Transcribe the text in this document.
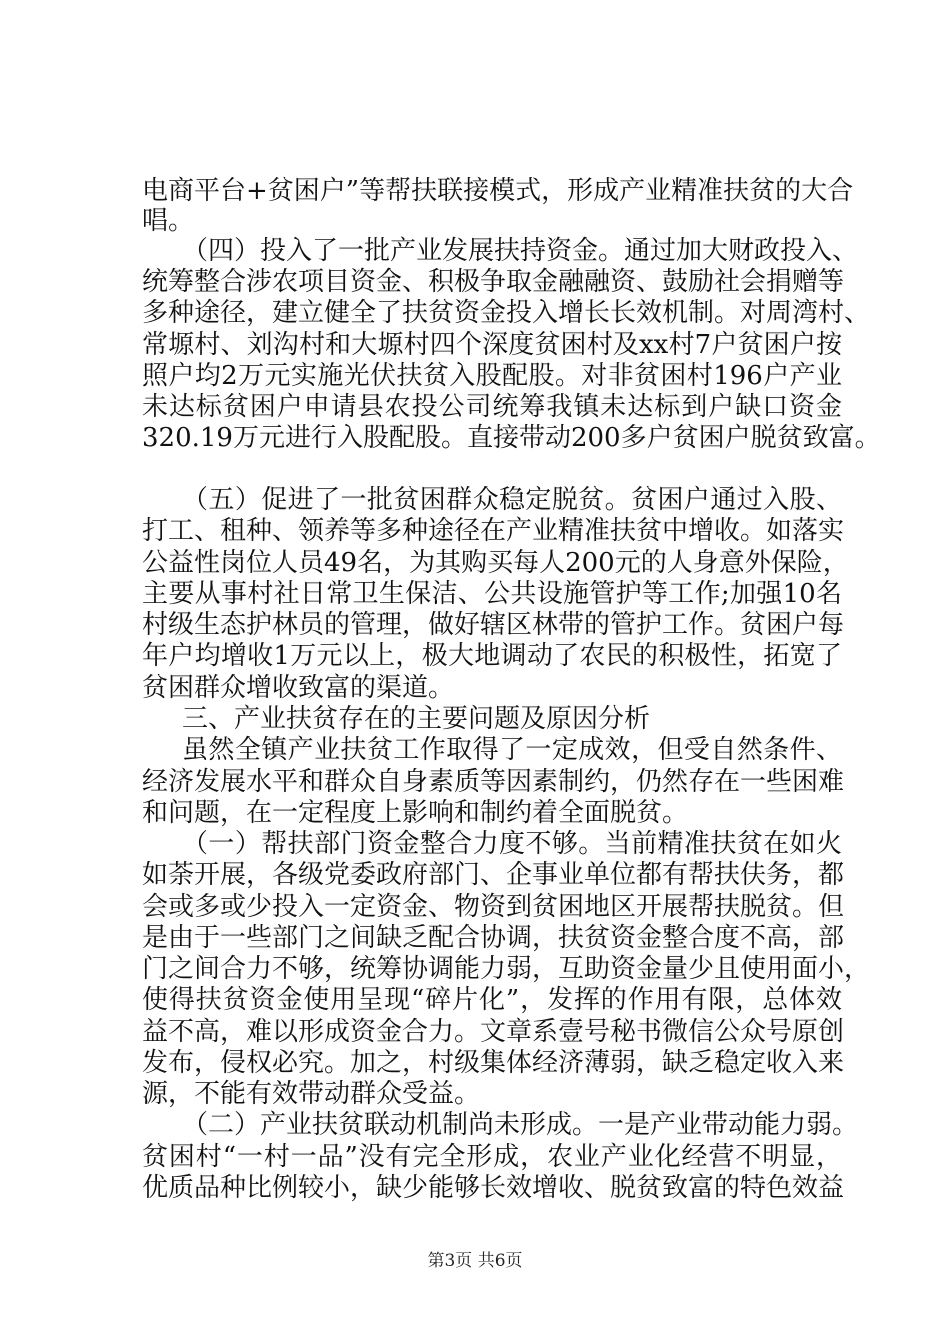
电商平台+贫困户”等帮扶联接模式，形成产业精准扶贫的大合
唱。
（四）投入了一批产业发展扶持资金。通过加大财政投入、
统筹整合涉农项目资金、积极争取金融融资、鼓励社会捐赠等
多种途径，建立健全了扶贫资金投入增长长效机制。对周湾村、
常塬村、刘沟村和大塬村四个深度贫困村及xx村7户贫困户按
照户均2万元实施光伏扶贫入股配股。对非贫困村196户产业
未达标贫困户申请县农投公司统筹我镇未达标到户缺口资金
320.19万元进行入股配股。直接带动200多户贫困户脱贫致富。
（五）促进了一批贫困群众稳定脱贫。贫困户通过入股、
打工、租种、领养等多种途径在产业精准扶贫中增收。如落实
公益性岗位人员49名，为其购买每人200元的人身意外保险，
主要从事村社日常卫生保洁、公共设施管护等工作;加强10名
村级生态护林员的管理，做好辖区林带的管护工作。贫困户每
年户均增收1万元以上，极大地调动了农民的积极性，拓宽了
贫困群众增收致富的渠道。
三、产业扶贫存在的主要问题及原因分析
虽然全镇产业扶贫工作取得了一定成效，但受自然条件、
经济发展水平和群众自身素质等因素制约，仍然存在一些困难
和问题，在一定程度上影响和制约着全面脱贫。
（一）帮扶部门资金整合力度不够。当前精准扶贫在如火
如荼开展，各级党委政府部门、企事业单位都有帮扶伕务，都
会或多或少投入一定资金、物资到贫困地区开展帮扶脱贫。但
是由于一些部门之间缺乏配合协调，扶贫资金整合度不高，部
门之间合力不够，统筹协调能力弱，互助资金量少且使用面小，
使得扶贫资金使用呈现“碎片化”，发挥的作用有限，总体效
益不高，难以形成资金合力。文章系壹号秘书微信公众号原创
发布，侵权必究。加之，村级集体经济薄弱，缺乏稳定收入来
源，不能有效带动群众受益。
（二）产业扶贫联动机制尚未形成。一是产业带动能力弱。
贫困村“一村一品”没有完全形成，农业产业化经营不明显，
优质品种比例较小，缺少能够长效增收、脱贫致富的特色效益
第3页 共6页
